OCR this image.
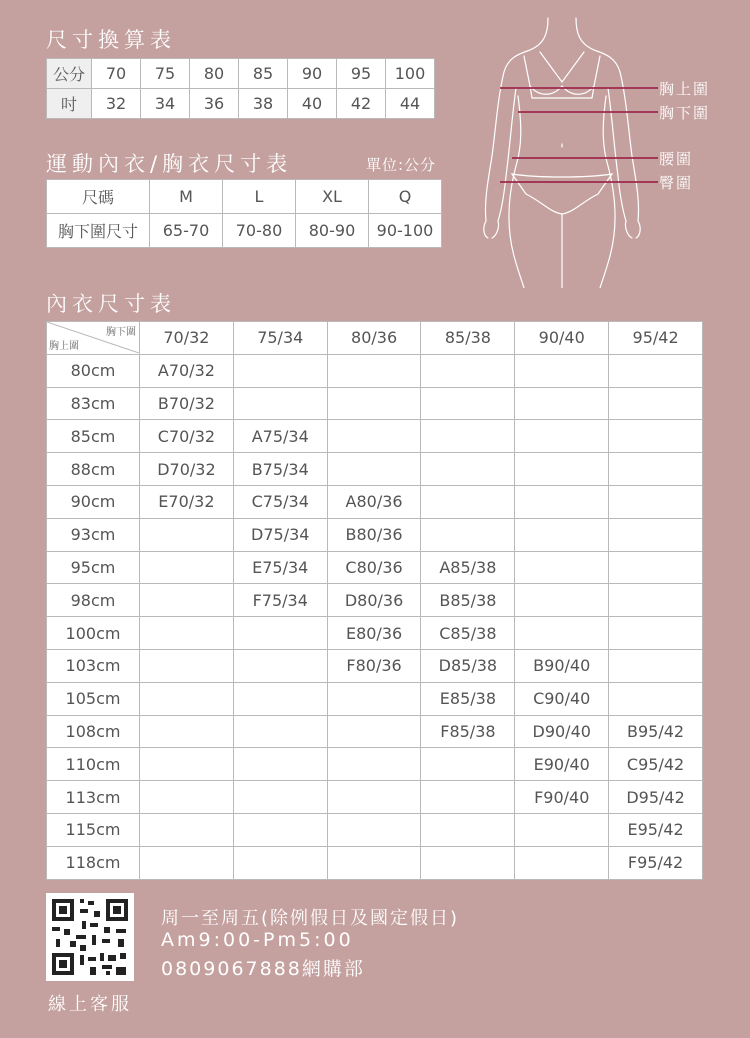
尺寸換算表
公分	70	75	80	85	90	95	100
吋	32	34	36	38	40	42	44
運動內衣/胸衣尺寸表	單位:公分
尺碼	M	L	XL	Q
胸下圍尺寸	65-70	70-80	80-90	90-100
胸上圍
胸下圍
腰圍
臀圍
內衣尺寸表
胸下圍
胸上圍	70/32	75/34	80/36	85/38	90/40	95/42
80cm	A70/32					
83cm	B70/32					
85cm	C70/32	A75/34				
88cm	D70/32	B75/34				
90cm	E70/32	C75/34	A80/36			
93cm		D75/34	B80/36			
95cm		E75/34	C80/36	A85/38		
98cm		F75/34	D80/36	B85/38		
100cm			E80/36	C85/38		
103cm			F80/36	D85/38	B90/40	
105cm				E85/38	C90/40	
108cm				F85/38	D90/40	B95/42
110cm					E90/40	C95/42
113cm					F90/40	D95/42
115cm						E95/42
118cm						F95/42
線上客服
周一至周五(除例假日及國定假日)
Am9:00-Pm5:00
0809067888網購部
